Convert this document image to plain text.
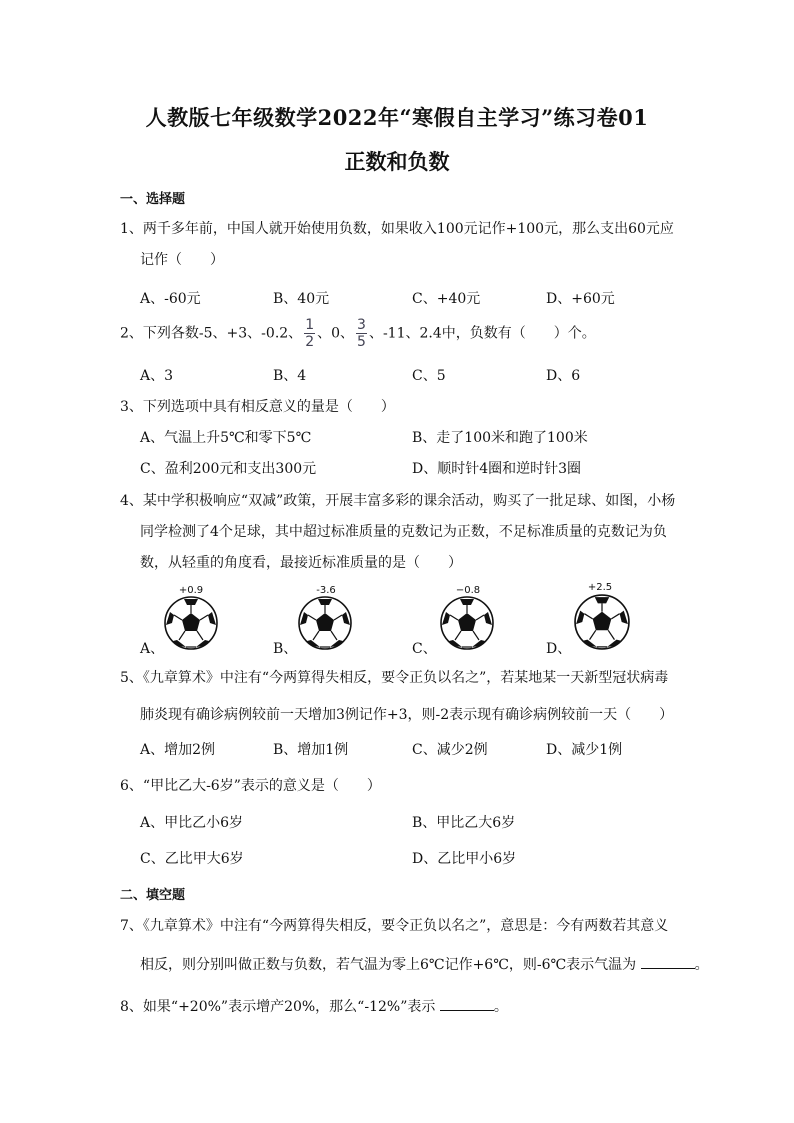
人教版七年级数学2022年“寒假自主学习”练习卷01
正数和负数
一、选择题
1、两千多年前，中国人就开始使用负数，如果收入100元记作+100元，那么支出60元应
记作（　　）
A、-60元	B、40元	C、+40元	D、+60元
2、下列各数-5、+3、-0.2、 $\frac{1}{2}$ 、0、 $\frac{3}{5}$ 、-11、2.4中，负数有（　　）个。
A、3	B、4	C、5	D、6
3、下列选项中具有相反意义的量是（　　）
A、气温上升5℃和零下5℃	B、走了100米和跑了100米
C、盈利200元和支出300元	D、顺时针4圈和逆时针3圈
4、某中学积极响应“双减”政策，开展丰富多彩的课余活动，购买了一批足球、如图，小杨
同学检测了4个足球，其中超过标准质量的克数记为正数，不足标准质量的克数记为负
数，从轻重的角度看，最接近标准质量的是（　　）
A、
+0.9
B、
-3.6
C、
−0.8
D、
+2.5
5、《九章算术》中注有“今两算得失相反，要令正负以名之”，若某地某一天新型冠状病毒
肺炎现有确诊病例较前一天增加3例记作+3，则-2表示现有确诊病例较前一天（　　）
A、增加2例	B、增加1例	C、减少2例	D、减少1例
6、“甲比乙大-6岁”表示的意义是（　　）
A、甲比乙小6岁	B、甲比乙大6岁
C、乙比甲大6岁	D、乙比甲小6岁
二、填空题
7、《九章算术》中注有“今两算得失相反，要令正负以名之”，意思是：今有两数若其意义
相反，则分别叫做正数与负数，若气温为零上6℃记作+6℃，则-6℃表示气温为	。
8、如果“+20%”表示增产20%，那么“-12%”表示	。
